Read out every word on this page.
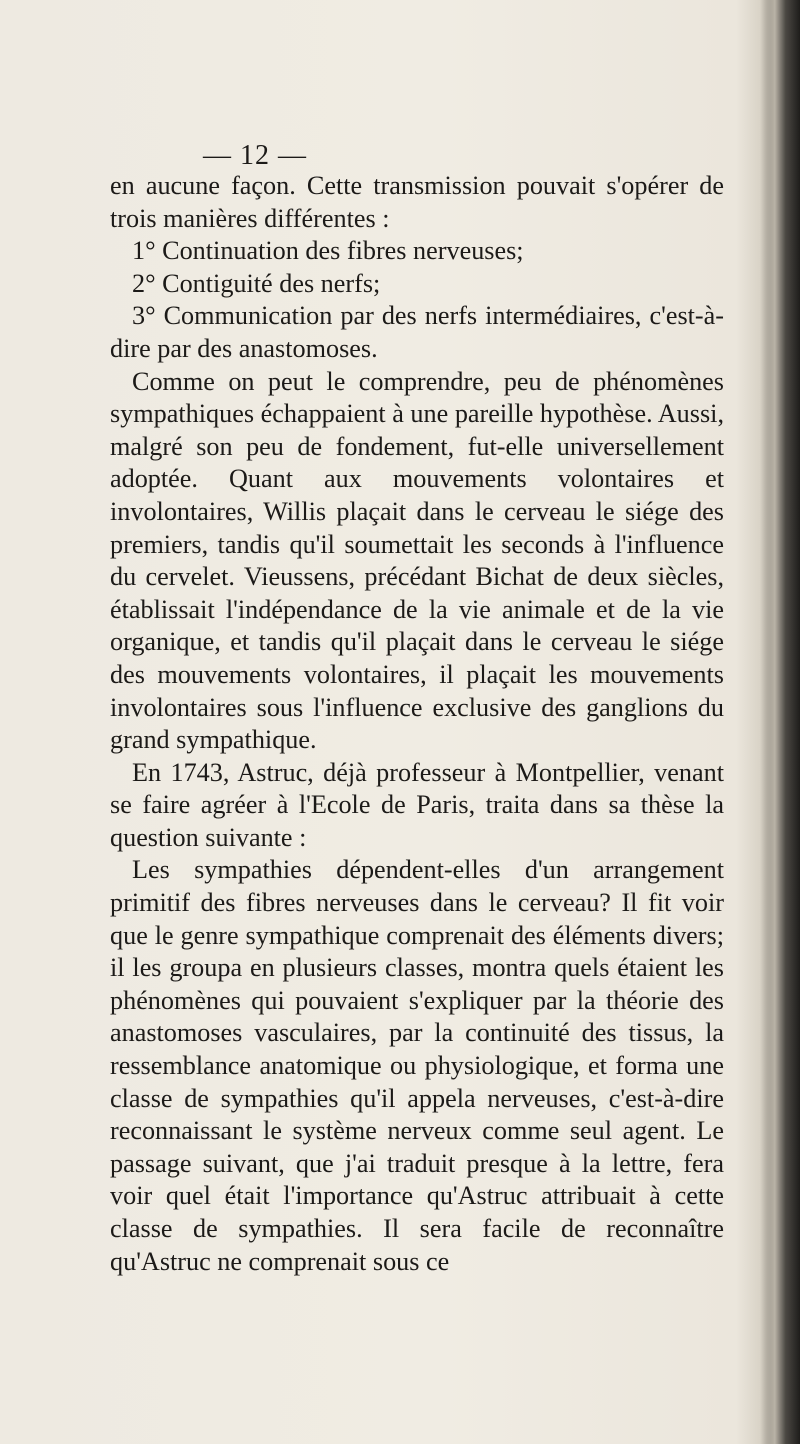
— 12 —

en aucune façon. Cette transmission pouvait s'opérer de trois manières différentes :

1° Continuation des fibres nerveuses;

2° Contiguité des nerfs;

3° Communication par des nerfs intermédiaires, c'est-à-dire par des anastomoses.

Comme on peut le comprendre, peu de phénomènes sympathiques échappaient à une pareille hypothèse. Aussi, malgré son peu de fondement, fut-elle universellement adoptée. Quant aux mouvements volontaires et involontaires, Willis plaçait dans le cerveau le siége des premiers, tandis qu'il soumettait les seconds à l'influence du cervelet. Vieussens, précédant Bichat de deux siècles, établissait l'indépendance de la vie animale et de la vie organique, et tandis qu'il plaçait dans le cerveau le siége des mouvements volontaires, il plaçait les mouvements involontaires sous l'influence exclusive des ganglions du grand sympathique.

En 1743, Astruc, déjà professeur à Montpellier, venant se faire agréer à l'Ecole de Paris, traita dans sa thèse la question suivante :

Les sympathies dépendent-elles d'un arrangement primitif des fibres nerveuses dans le cerveau? Il fit voir que le genre sympathique comprenait des éléments divers; il les groupa en plusieurs classes, montra quels étaient les phénomènes qui pouvaient s'expliquer par la théorie des anastomoses vasculaires, par la continuité des tissus, la ressemblance anatomique ou physiologique, et forma une classe de sympathies qu'il appela nerveuses, c'est-à-dire reconnaissant le système nerveux comme seul agent. Le passage suivant, que j'ai traduit presque à la lettre, fera voir quel était l'importance qu'Astruc attribuait à cette classe de sympathies. Il sera facile de reconnaître qu'Astruc ne comprenait sous ce
